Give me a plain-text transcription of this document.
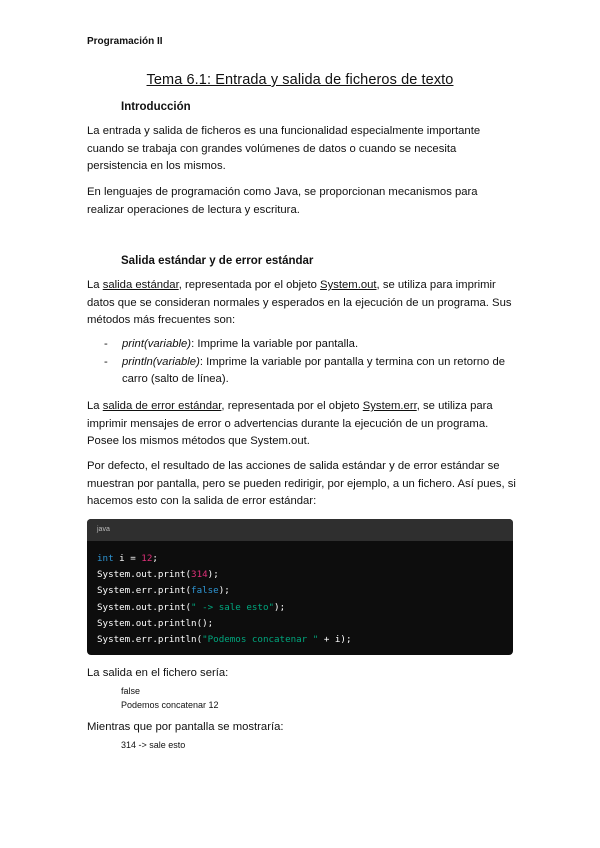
Programación II
Tema 6.1: Entrada y salida de ficheros de texto
Introducción
La entrada y salida de ficheros es una funcionalidad especialmente importante cuando se trabaja con grandes volúmenes de datos o cuando se necesita persistencia en los mismos.
En lenguajes de programación como Java, se proporcionan mecanismos para realizar operaciones de lectura y escritura.
Salida estándar y de error estándar
La salida estándar, representada por el objeto System.out, se utiliza para imprimir datos que se consideran normales y esperados en la ejecución de un programa. Sus métodos más frecuentes son:
- print(variable): Imprime la variable por pantalla.
- println(variable): Imprime la variable por pantalla y termina con un retorno de carro (salto de línea).
La salida de error estándar, representada por el objeto System.err, se utiliza para imprimir mensajes de error o advertencias durante la ejecución de un programa. Posee los mismos métodos que System.out.
Por defecto, el resultado de las acciones de salida estándar y de error estándar se muestran por pantalla, pero se pueden redirigir, por ejemplo, a un fichero. Así pues, si hacemos esto con la salida de error estándar:
java
int i = 12;
System.out.print(314);
System.err.print(false);
System.out.print(" -> sale esto");
System.out.println();
System.err.println("Podemos concatenar " + i);
La salida en el fichero sería:
false
Podemos concatenar 12
Mientras que por pantalla se mostraría:
314 -> sale esto
